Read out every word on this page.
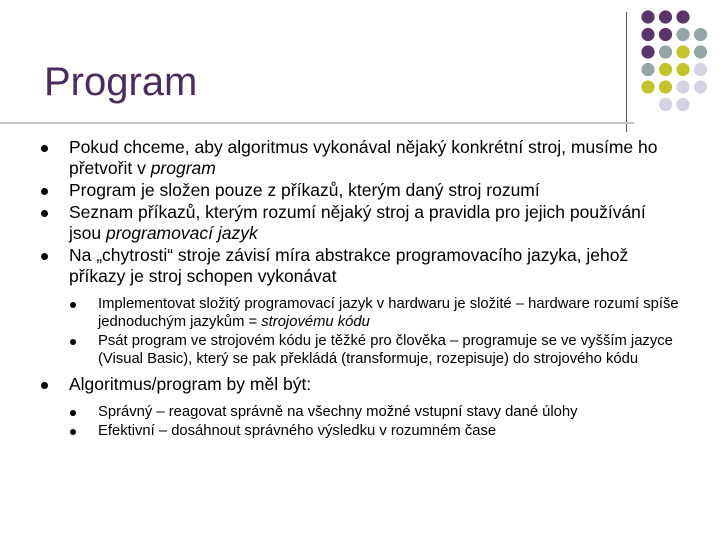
Program
Pokud chceme, aby algoritmus vykonával nějaký konkrétní stroj, musíme ho přetvořit v program
Program je složen pouze z příkazů, kterým daný stroj rozumí
Seznam příkazů, kterým rozumí nějaký stroj a pravidla pro jejich používání jsou programovací jazyk
Na „chytrosti“ stroje závisí míra abstrakce programovacího jazyka, jehož příkazy je stroj schopen vykonávat
Implementovat složitý programovací jazyk v hardwaru je složité – hardware rozumí spíše jednoduchým jazykům = strojovému kódu
Psát program ve strojovém kódu je těžké pro člověka – programuje se ve vyšším jazyce (Visual Basic), který se pak překládá (transformuje, rozepisuje) do strojového kódu
Algoritmus/program by měl být:
Správný – reagovat správně na všechny možné vstupní stavy dané úlohy
Efektivní – dosáhnout správného výsledku v rozumném čase
